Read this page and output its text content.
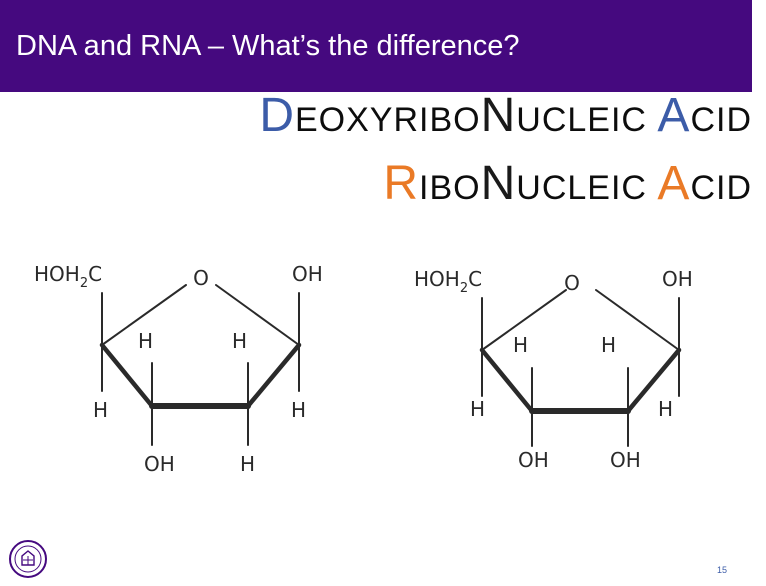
DNA and RNA – What’s the difference?
DEOXYRIBONUCLEIC ACID
RIBONUCLEIC ACID
$HOH_2C$	O	OH
H	H
H	H
OH	H
$HOH_2C$	O	OH
H	H
H	H
OH	OH
15
